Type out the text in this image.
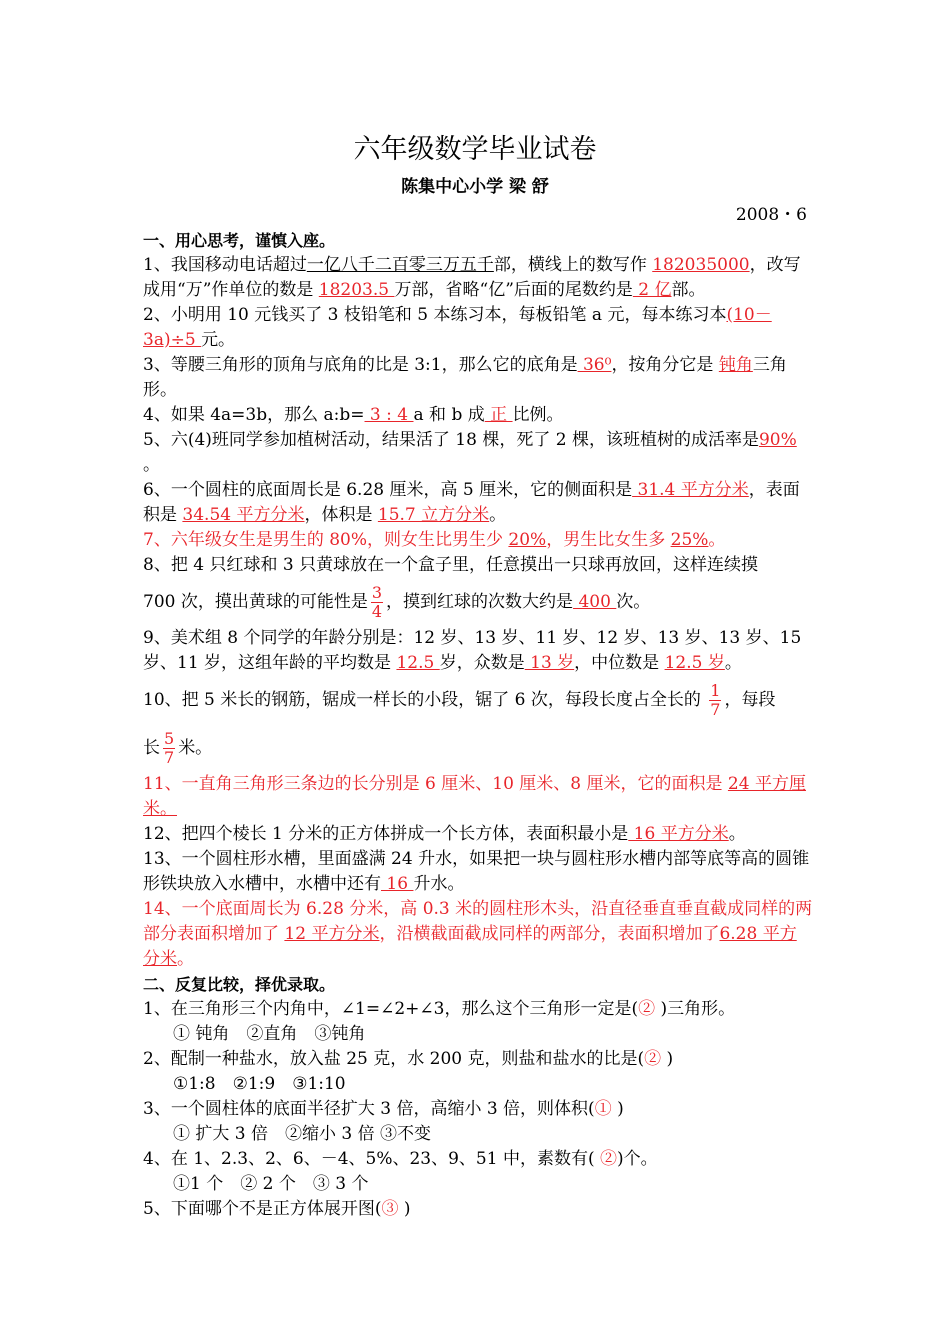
六年级数学毕业试卷
陈集中心小学 梁 舒
2008・6

一、用心思考，谨慎入座。

1、我国移动电话超过一亿八千二百零三万五千部，横线上的数写作 182035000，改写成用“万”作单位的数是 18203.5 万部，省略“亿”后面的尾数约是 2 亿部。

2、小明用 10 元钱买了 3 枝铅笔和 5 本练习本，每板铅笔 a 元，每本练习本(10－3a)÷5 元。

3、等腰三角形的顶角与底角的比是 3:1，那么它的底角是 36⁰，按角分它是 钝角三角形。

4、如果 4a=3b，那么 a:b= 3 : 4 a 和 b 成 正 比例。

5、六(4)班同学参加植树活动，结果活了 18 棵，死了 2 棵，该班植树的成活率是90% 。

6、一个圆柱的底面周长是 6.28 厘米，高 5 厘米，它的侧面积是 31.4 平方分米，表面积是 34.54 平方分米，体积是 15.7 立方分米。

7、六年级女生是男生的 80%，则女生比男生少 20%，男生比女生多 25%。

8、把 4 只红球和 3 只黄球放在一个盒子里，任意摸出一只球再放回，这样连续摸

700 次，摸出黄球的可能性是 $\frac{3}{4}$ ，摸到红球的次数大约是 400 次。

9、美术组 8 个同学的年龄分别是：12 岁、13 岁、11 岁、12 岁、13 岁、13 岁、15 岁、11 岁，这组年龄的平均数是 12.5 岁，众数是 13 岁，中位数是 12.5 岁。

10、把 5 米长的钢筋，锯成一样长的小段，锯了 6 次，每段长度占全长的 $\frac{1}{7}$ ，每段

长 $\frac{5}{7}$ 米。

11、一直角三角形三条边的长分别是 6 厘米、10 厘米、8 厘米，它的面积是 24 平方厘米。

12、把四个棱长 1 分米的正方体拼成一个长方体，表面积最小是 16 平方分米。

13、一个圆柱形水槽，里面盛满 24 升水，如果把一块与圆柱形水槽内部等底等高的圆锥形铁块放入水槽中，水槽中还有 16 升水。

14、一个底面周长为 6.28 分米，高 0.3 米的圆柱形木头，沿直径垂直垂直截成同样的两部分表面积增加了 12 平方分米，沿横截面截成同样的两部分，表面积增加了6.28 平方分米。

二、反复比较，择优录取。

1、在三角形三个内角中，∠1=∠2+∠3，那么这个三角形一定是(② )三角形。

① 钝角　②直角　③钝角

2、配制一种盐水，放入盐 25 克，水 200 克，则盐和盐水的比是(② )

①1:8　②1:9　③1:10

3、一个圆柱体的底面半径扩大 3 倍，高缩小 3 倍，则体积(① )

① 扩大 3 倍　②缩小 3 倍 ③不变

4、在 1、2.3、2、6、－4、5%、23、9、51 中，素数有( ②)个。

①1 个　② 2 个　③ 3 个

5、下面哪个不是正方体展开图(③ )
